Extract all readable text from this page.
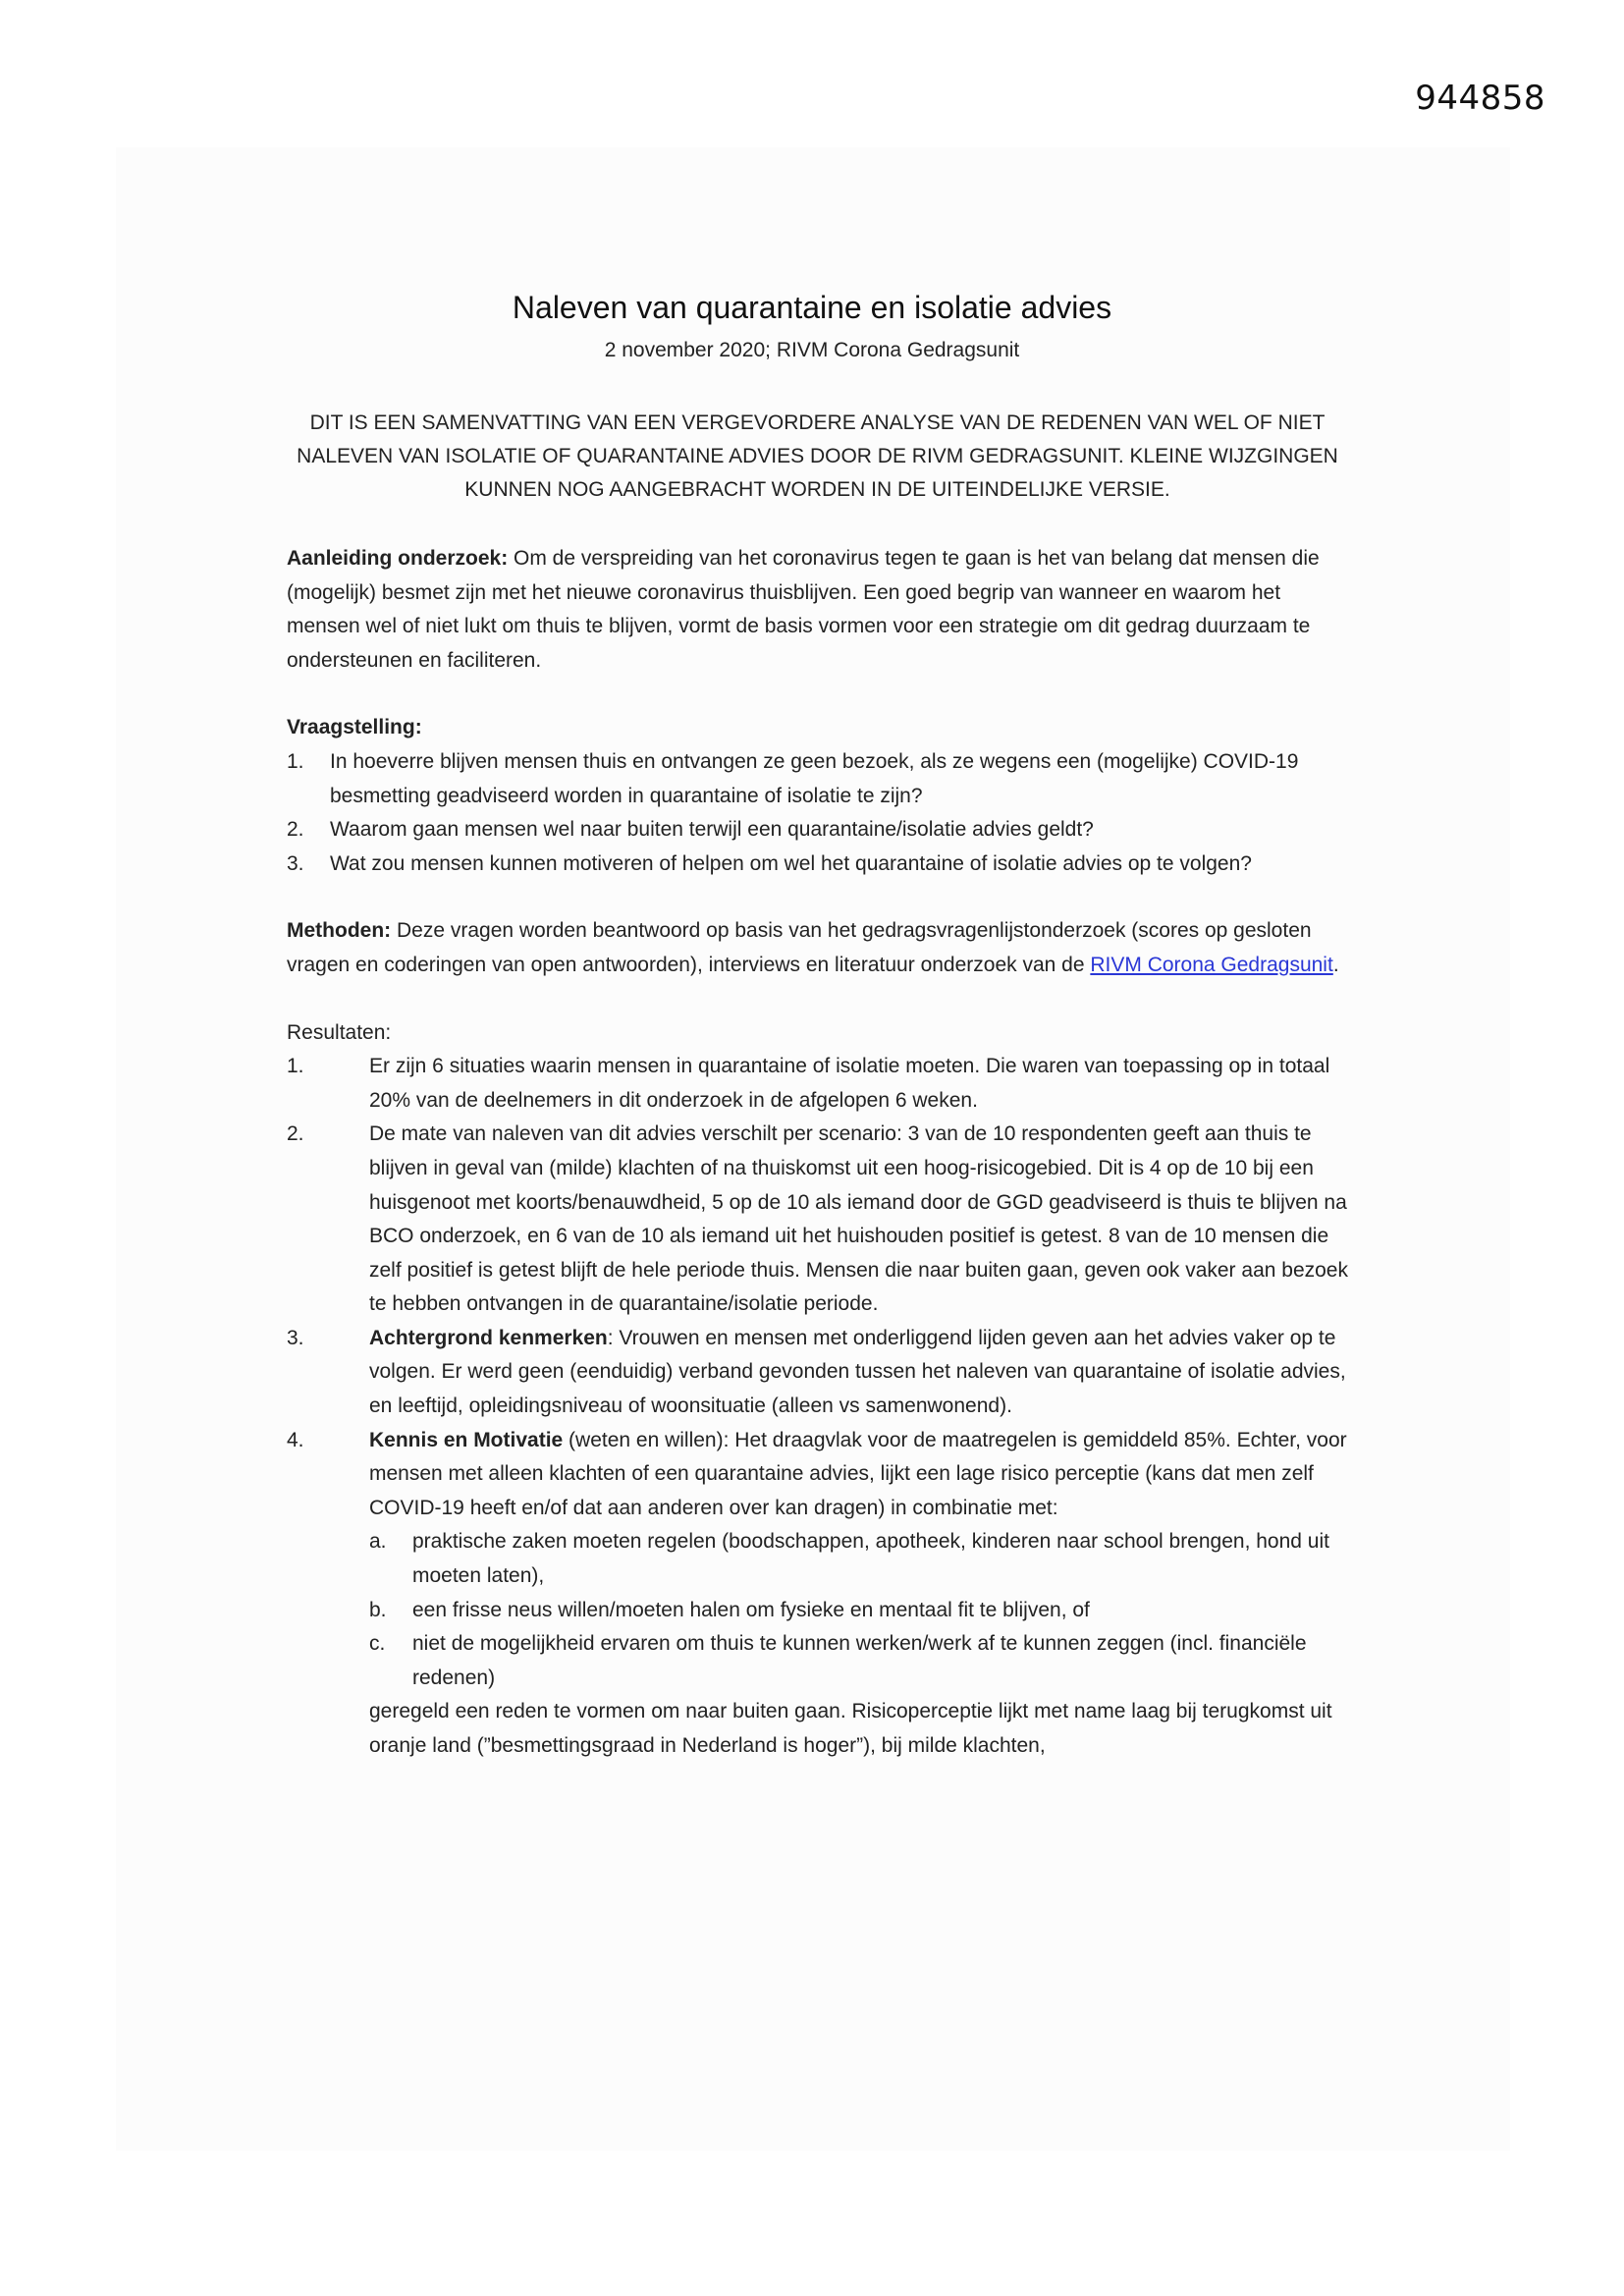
944858
Naleven van quarantaine en isolatie advies
2 november 2020; RIVM Corona Gedragsunit
DIT IS EEN SAMENVATTING VAN EEN VERGEVORDERE ANALYSE VAN DE REDENEN VAN WEL OF NIET NALEVEN VAN ISOLATIE OF QUARANTAINE ADVIES DOOR DE RIVM GEDRAGSUNIT. KLEINE WIJZGINGEN KUNNEN NOG AANGEBRACHT WORDEN IN DE UITEINDELIJKE VERSIE.

Aanleiding onderzoek: Om de verspreiding van het coronavirus tegen te gaan is het van belang dat mensen die (mogelijk) besmet zijn met het nieuwe coronavirus thuisblijven. Een goed begrip van wanneer en waarom het mensen wel of niet lukt om thuis te blijven, vormt de basis vormen voor een strategie om dit gedrag duurzaam te ondersteunen en faciliteren.

Vraagstelling:

1. In hoeverre blijven mensen thuis en ontvangen ze geen bezoek, als ze wegens een (mogelijke) COVID-19 besmetting geadviseerd worden in quarantaine of isolatie te zijn?
2. Waarom gaan mensen wel naar buiten terwijl een quarantaine/isolatie advies geldt?
3. Wat zou mensen kunnen motiveren of helpen om wel het quarantaine of isolatie advies op te volgen?

Methoden: Deze vragen worden beantwoord op basis van het gedragsvragenlijstonderzoek (scores op gesloten vragen en coderingen van open antwoorden), interviews en literatuur onderzoek van de RIVM Corona Gedragsunit.

Resultaten:

1.	Er zijn 6 situaties waarin mensen in quarantaine of isolatie moeten. Die waren van toepassing op in totaal 20% van de deelnemers in dit onderzoek in de afgelopen 6 weken.
2.	De mate van naleven van dit advies verschilt per scenario: 3 van de 10 respondenten geeft aan thuis te blijven in geval van (milde) klachten of na thuiskomst uit een hoog-risicogebied. Dit is 4 op de 10 bij een huisgenoot met koorts/benauwdheid, 5 op de 10 als iemand door de GGD geadviseerd is thuis te blijven na BCO onderzoek, en 6 van de 10 als iemand uit het huishouden positief is getest. 8 van de 10 mensen die zelf positief is getest blijft de hele periode thuis. Mensen die naar buiten gaan, geven ook vaker aan bezoek te hebben ontvangen in de quarantaine/isolatie periode.
3.	Achtergrond kenmerken: Vrouwen en mensen met onderliggend lijden geven aan het advies vaker op te volgen. Er werd geen (eenduidig) verband gevonden tussen het naleven van quarantaine of isolatie advies, en leeftijd, opleidingsniveau of woonsituatie (alleen vs samenwonend).
4.	Kennis en Motivatie (weten en willen): Het draagvlak voor de maatregelen is gemiddeld 85%. Echter, voor mensen met alleen klachten of een quarantaine advies, lijkt een lage risico perceptie (kans dat men zelf COVID-19 heeft en/of dat aan anderen over kan dragen) in combinatie met:
a. praktische zaken moeten regelen (boodschappen, apotheek, kinderen naar school brengen, hond uit moeten laten),
b. een frisse neus willen/moeten halen om fysieke en mentaal fit te blijven, of
c. niet de mogelijkheid ervaren om thuis te kunnen werken/werk af te kunnen zeggen (incl. financiële redenen)
geregeld een reden te vormen om naar buiten gaan. Risicoperceptie lijkt met name laag bij terugkomst uit oranje land (”besmettingsgraad in Nederland is hoger”), bij milde klachten,
